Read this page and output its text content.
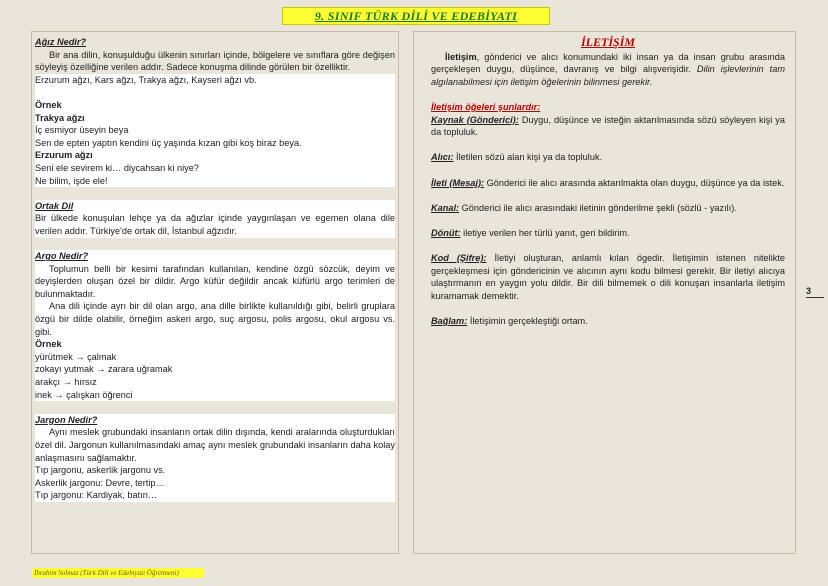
9. SINIF TÜRK DİLİ VE EDEBİYATI
Ağız Nedir?

Bir ana dilin, konuşulduğu ülkenin sınırları içinde, bölgelere ve sınıflara göre değişen söyleyiş özelliğine verilen addır. Sadece konuşma dilinde görülen bir özelliktir.

Erzurum ağzı, Kars ağzı, Trakya ağzı, Kayseri ağzı vb.
Örnek
Trakya ağzı
İç esmiyor üseyin beya
Sen de epten yaptın kendini üç yaşında kızan gibi koş biraz beya.
Erzurum ağzı
Seni ele sevirem ki… diycahsan ki niye?
Ne bilim, işde ele!
Ortak Dil

Bir ülkede konuşulan lehçe ya da ağızlar içinde yaygınlaşan ve egemen olana dile verilen addır. Türkiye'de ortak dil, İstanbul ağzıdır.

Argo Nedir?

Toplumun belli bir kesimi tarafından kullanılan, kendine özgü sözcük, deyim ve deyişlerden oluşan özel bir dildir. Argo küfür değildir ancak küfürlü argo terimleri de bulunmaktadır.

Ana dili içinde ayrı bir dil olan argo, ana dille birlikte kullanıldığı gibi, belirli gruplara özgü bir dilde olabilir, örneğim askeri argo, suç argosu, polis argosu, okul argosu vs. gibi.

Örnek
yürütmek → çalmak
zokayı yutmak → zarara uğramak
arakçı → hırsız
inek → çalışkan öğrenci
Jargon Nedir?

Aynı meslek grubundaki insanların ortak dilin dışında, kendi aralarında oluşturdukları özel dil. Jargonun kullanılmasındaki amaç aynı meslek grubundaki insanların daha kolay anlaşmasını sağlamaktır.

Tıp jargonu, askerlik jargonu vs.
Askerlik jargonu: Devre, tertip…
Tıp jargonu: Kardiyak, batın…
İLETİŞİM

İletişim, gönderici ve alıcı konumundaki iki insan ya da insan grubu arasında gerçekleşen duygu, düşünce, davranış ve bilgi alışverişidir. Dilin işlevlerinin tam algılanabilmesi için iletişim öğelerinin bilinmesi gerekir.

İletişim öğeleri şunlardır:

Kaynak (Gönderici): Duygu, düşünce ve isteğin aktarılmasında sözü söyleyen kişi ya da topluluk.

Alıcı: İletilen sözü alan kişi ya da topluluk.

İleti (Mesaj): Gönderici ile alıcı arasında aktarılmakta olan duygu, düşünce ya da istek.

Kanal: Gönderici ile alıcı arasındaki iletinin gönderilme şekli (sözlü - yazılı).

Dönüt: iletiye verilen her türlü yanıt, geri bildirim.

Kod (Şifre): İletiyi oluşturan, anlamlı kılan ögedir. İletişimin istenen nitelikte gerçekleşmesi için göndericinin ve alıcının aynı kodu bilmesi gerekir. Bir iletiyi alıcıya ulaştırmanın en yaygın yolu dildir. Bir dili bilmemek o dili konuşan insanlarla iletişim kuramamak demektir.

Bağlam: İletişimin gerçekleştiği ortam.

3
İbrahim Solmaz (Türk Dili ve Edebiyatı Öğretmeni)
